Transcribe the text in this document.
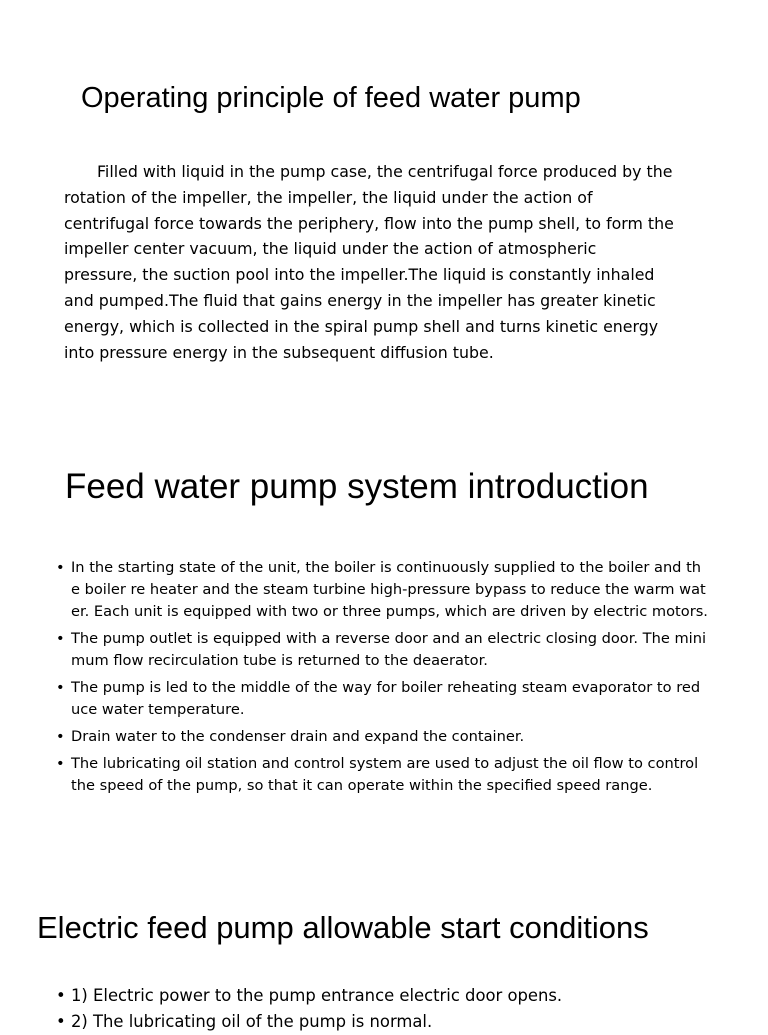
Operating principle of feed water pump

Filled with liquid in the pump case, the centrifugal force produced by the rotation of the impeller, the impeller, the liquid under the action of centrifugal force towards the periphery, flow into the pump shell, to form the impeller center vacuum, the liquid under the action of atmospheric pressure, the suction pool into the impeller.The liquid is constantly inhaled and pumped.The fluid that gains energy in the impeller has greater kinetic energy, which is collected in the spiral pump shell and turns kinetic energy into pressure energy in the subsequent diffusion tube.

Feed water pump system introduction
• In the starting state of the unit, the boiler is continuously supplied to the boiler and the boiler re heater and the steam turbine high-pressure bypass to reduce the warm water. Each unit is equipped with two or three pumps, which are driven by electric motors.
• The pump outlet is equipped with a reverse door and an electric closing door. The minimum flow recirculation tube is returned to the deaerator.
• The pump is led to the middle of the way for boiler reheating steam evaporator to reduce water temperature.
• Drain water to the condenser drain and expand the container.
• The lubricating oil station and control system are used to adjust the oil flow to control the speed of the pump, so that it can operate within the specified speed range.
Electric feed pump allowable start conditions
• 1) Electric power to the pump entrance electric door opens.
• 2) The lubricating oil of the pump is normal.
